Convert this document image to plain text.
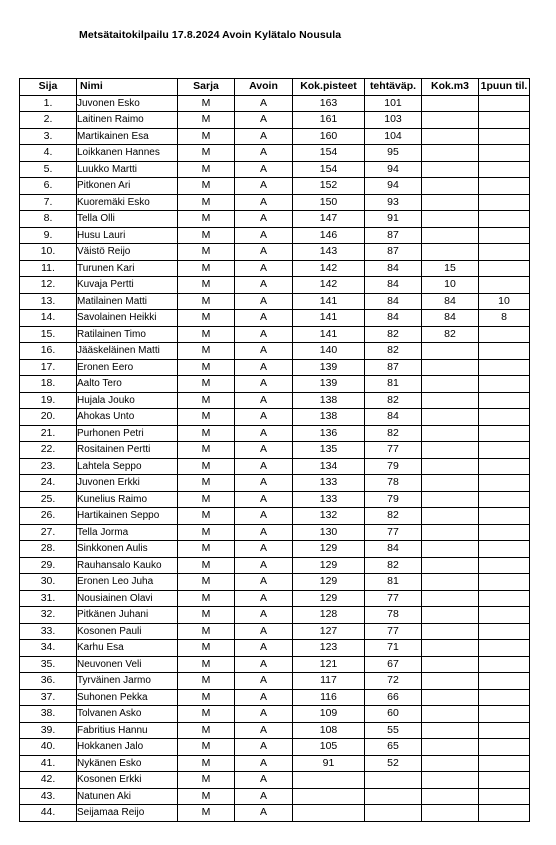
Metsätaitokilpailu 17.8.2024 Avoin Kylätalo Nousula
Sija	Nimi	Sarja	Avoin	Kok.pisteet	tehtäväp.	Kok.m3	1puun til.
1.	Juvonen Esko	M	A	163	101		
2.	Laitinen Raimo	M	A	161	103		
3.	Martikainen Esa	M	A	160	104		
4.	Loikkanen Hannes	M	A	154	95		
5.	Luukko Martti	M	A	154	94		
6.	Pitkonen Ari	M	A	152	94		
7.	Kuoremäki Esko	M	A	150	93		
8.	Tella Olli	M	A	147	91		
9.	Husu Lauri	M	A	146	87		
10.	Väistö Reijo	M	A	143	87		
11.	Turunen Kari	M	A	142	84	15	
12.	Kuvaja Pertti	M	A	142	84	10	
13.	Matilainen Matti	M	A	141	84	84	10
14.	Savolainen Heikki	M	A	141	84	84	8
15.	Ratilainen Timo	M	A	141	82	82	
16.	Jääskeläinen Matti	M	A	140	82		
17.	Eronen Eero	M	A	139	87		
18.	Aalto Tero	M	A	139	81		
19.	Hujala Jouko	M	A	138	82		
20.	Ahokas Unto	M	A	138	84		
21.	Purhonen Petri	M	A	136	82		
22.	Rositainen Pertti	M	A	135	77		
23.	Lahtela Seppo	M	A	134	79		
24.	Juvonen Erkki	M	A	133	78		
25.	Kunelius Raimo	M	A	133	79		
26.	Hartikainen Seppo	M	A	132	82		
27.	Tella Jorma	M	A	130	77		
28.	Sinkkonen Aulis	M	A	129	84		
29.	Rauhansalo Kauko	M	A	129	82		
30.	Eronen Leo Juha	M	A	129	81		
31.	Nousiainen Olavi	M	A	129	77		
32.	Pitkänen Juhani	M	A	128	78		
33.	Kosonen Pauli	M	A	127	77		
34.	Karhu Esa	M	A	123	71		
35.	Neuvonen Veli	M	A	121	67		
36.	Tyrväinen Jarmo	M	A	117	72		
37.	Suhonen Pekka	M	A	116	66		
38.	Tolvanen Asko	M	A	109	60		
39.	Fabritius Hannu	M	A	108	55		
40.	Hokkanen Jalo	M	A	105	65		
41.	Nykänen Esko	M	A	91	52		
42.	Kosonen Erkki	M	A				
43.	Natunen Aki	M	A				
44.	Seijamaa Reijo	M	A				
